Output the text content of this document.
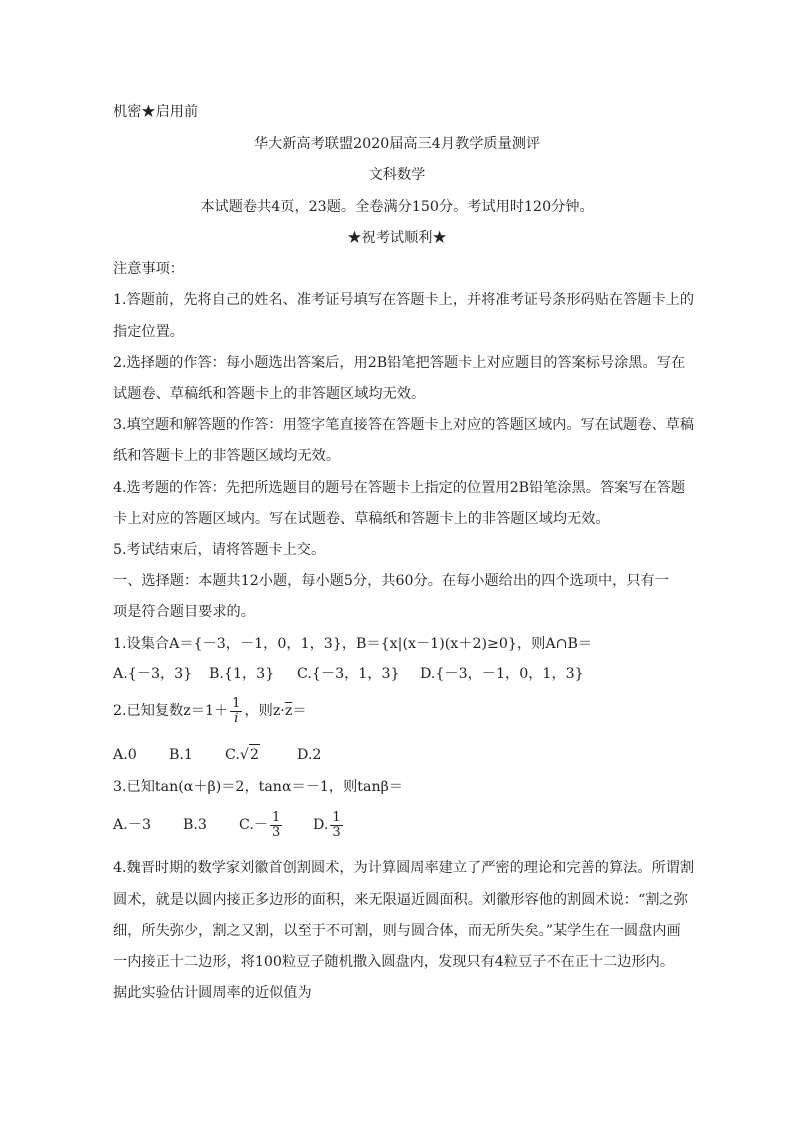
机密★启用前
华大新高考联盟2020届高三4月教学质量测评
文科数学
本试题卷共4页，23题。全卷满分150分。考试用时120分钟。
★祝考试顺利★
注意事项：
1.答题前，先将自己的姓名、准考证号填写在答题卡上，并将准考证号条形码贴在答题卡上的
指定位置。
2.选择题的作答：每小题选出答案后，用2B铅笔把答题卡上对应题目的答案标号涂黑。写在
试题卷、草稿纸和答题卡上的非答题区域均无效。
3.填空题和解答题的作答：用签字笔直接答在答题卡上对应的答题区域内。写在试题卷、草稿
纸和答题卡上的非答题区域均无效。
4.选考题的作答：先把所选题目的题号在答题卡上指定的位置用2B铅笔涂黑。答案写在答题
卡上对应的答题区域内。写在试题卷、草稿纸和答题卡上的非答题区域均无效。
5.考试结束后，请将答题卡上交。
一、选择题：本题共12小题，每小题5分，共60分。在每小题给出的四个选项中，只有一
项是符合题目要求的。
1.设集合A＝{－3，－1，0，1，3}，B＝{x|(x－1)(x＋2)≥0}，则A∩B＝
A.{－3，3} B.{1，3} C.{－3，1，3} D.{－3，－1，0，1，3}
2.已知复数$z=1+ \frac{1}{i}$ ，则$z\cdot\overline{z}=$
A.0 B.1 C.√2	D.2
3.已知tan(α＋β)＝2，tanα＝－1，则tanβ＝
A.－3 B.3 $C.- \frac{1}{3} D$. $\frac{1}{3}$
4.魏晋时期的数学家刘徽首创割圆术，为计算圆周率建立了严密的理论和完善的算法。所谓割
圆术，就是以圆内接正多边形的面积，来无限逼近圆面积。刘徽形容他的割圆术说：“割之弥
细，所失弥少，割之又割，以至于不可割，则与圆合体，而无所失矣。”某学生在一圆盘内画
一内接正十二边形，将100粒豆子随机撒入圆盘内，发现只有4粒豆子不在正十二边形内。
据此实验估计圆周率的近似值为
